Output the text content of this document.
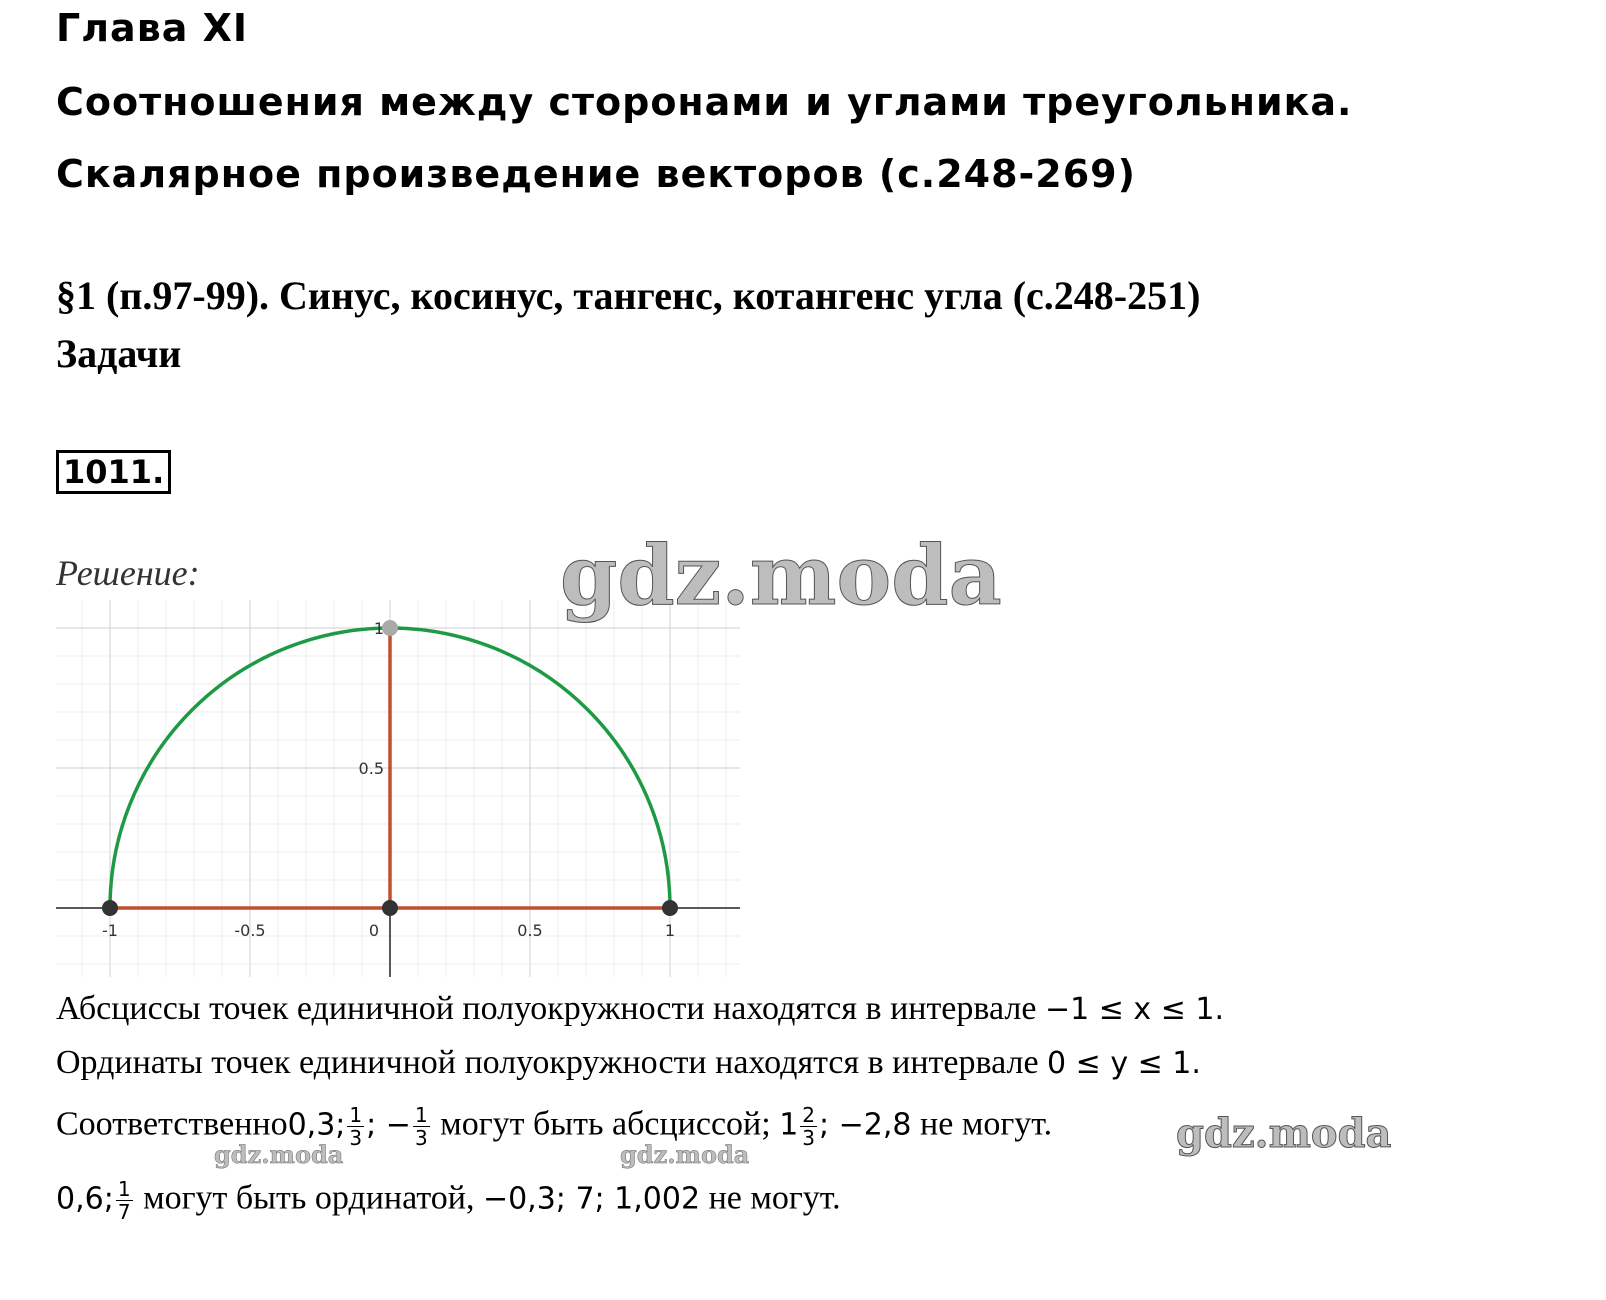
Глава XI
Соотношения между сторонами и углами треугольника.
Скалярное произведение векторов (с.248-269)
§1 (п.97-99). Синус, косинус, тангенс, котангенс угла (с.248-251)
Задачи
1011.
Решение:
-1	-0.5	0	0.5	1
0.5
1
gdz.moda
Абсциссы точек единичной полуокружности находятся в интервале −1 ≤ x ≤ 1.
Ординаты точек единичной полуокружности находятся в интервале 0 ≤ y ≤ 1.
Соответственно0,3; $\frac{1}{3}$ ; − $\frac{1}{3}$ могут быть абсциссой; $1 \frac{2}{3}$ ; −2,8 не могут.
0,6; $\frac{1}{7}$ могут быть ординатой, −0,3; 7; 1,002 не могут.
gdz.moda
gdz.moda	gdz.moda
